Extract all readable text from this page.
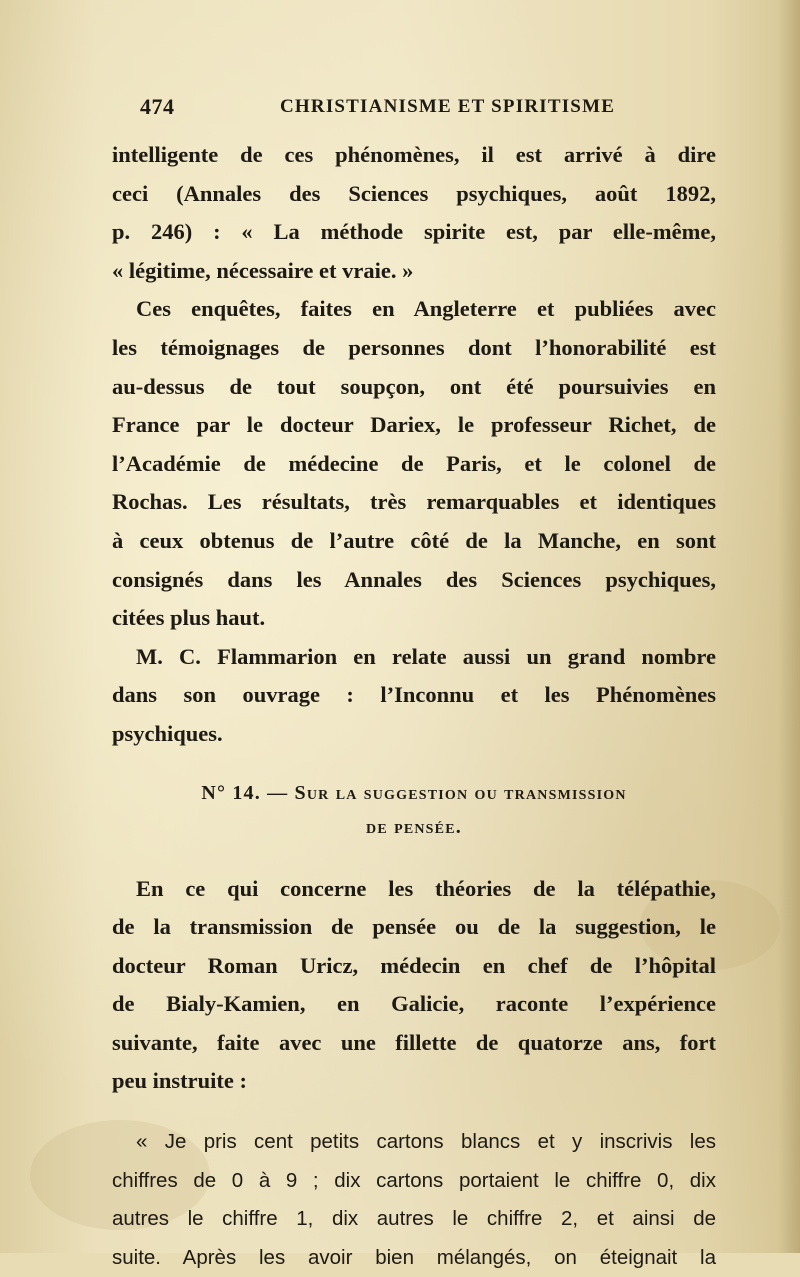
474	CHRISTIANISME ET SPIRITISME
intelligente de ces phénomènes, il est arrivé à dire
ceci (Annales des Sciences psychiques, août 1892,
p. 246) : « La méthode spirite est, par elle-même,
« légitime, nécessaire et vraie. »
Ces enquêtes, faites en Angleterre et publiées avec
les témoignages de personnes dont l’honorabilité est
au-dessus de tout soupçon, ont été poursuivies en
France par le docteur Dariex, le professeur Richet, de
l’Académie de médecine de Paris, et le colonel de
Rochas. Les résultats, très remarquables et identiques
à ceux obtenus de l’autre côté de la Manche, en sont
consignés dans les Annales des Sciences psychiques,
citées plus haut.
M. C. Flammarion en relate aussi un grand nombre
dans son ouvrage : l’Inconnu et les Phénomènes
psychiques.
N° 14. — Sur la suggestion ou transmission
de pensée.
En ce qui concerne les théories de la télépathie,
de la transmission de pensée ou de la suggestion, le
docteur Roman Uricz, médecin en chef de l’hôpital
de Bialy-Kamien, en Galicie, raconte l’expérience
suivante, faite avec une fillette de quatorze ans, fort
peu instruite :
« Je pris cent petits cartons blancs et y inscrivis les
chiffres de 0 à 9 ; dix cartons portaient le chiffre 0, dix
autres le chiffre 1, dix autres le chiffre 2, et ainsi de
suite. Après les avoir bien mélangés, on éteignait la
